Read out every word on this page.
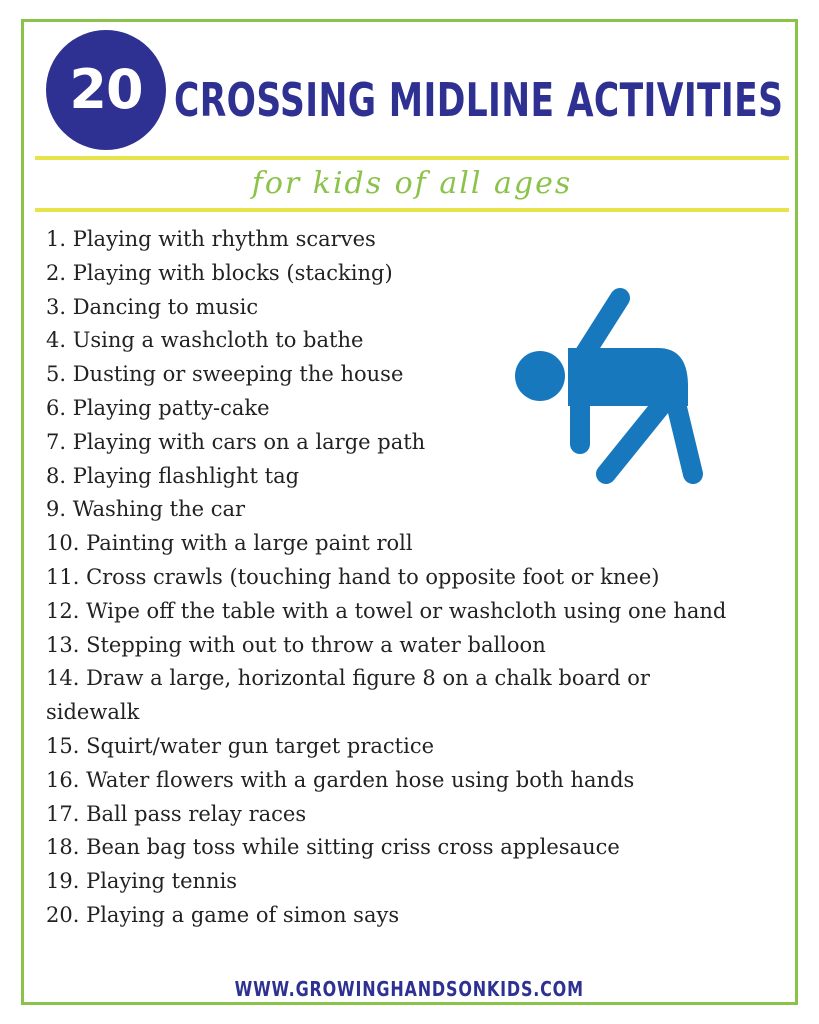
20 CROSSING MIDLINE ACTIVITIES
for kids of all ages
1. Playing with rhythm scarves
2. Playing with blocks (stacking)
3. Dancing to music
4. Using a washcloth to bathe
5. Dusting or sweeping the house
6. Playing patty-cake
7. Playing with cars on a large path
8. Playing flashlight tag
9. Washing the car
10. Painting with a large paint roll
11. Cross crawls (touching hand to opposite foot or knee)
12. Wipe off the table with a towel or washcloth using one hand
13. Stepping with out to throw a water balloon
14. Draw a large, horizontal figure 8 on a chalk board or sidewalk
15. Squirt/water gun target practice
16. Water flowers with a garden hose using both hands
17. Ball pass relay races
18. Bean bag toss while sitting criss cross applesauce
19. Playing tennis
20. Playing a game of simon says
WWW.GROWINGHANDSONKIDS.COM
